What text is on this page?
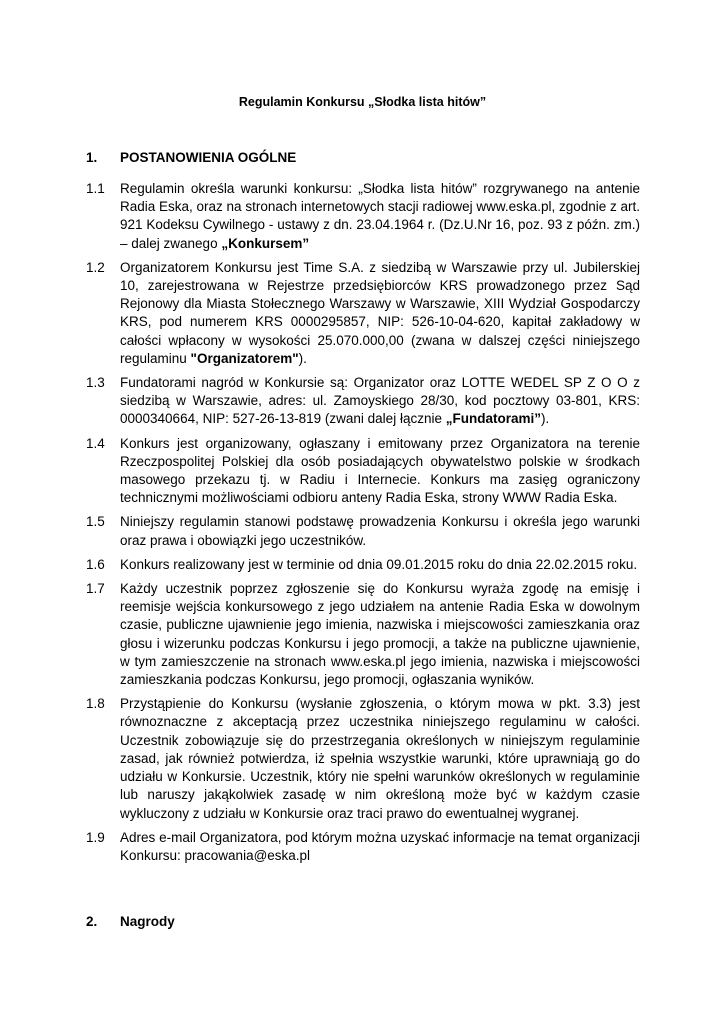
Regulamin Konkursu „Słodka lista hitów”
1. POSTANOWIENIA OGÓLNE
1.1	Regulamin określa warunki konkursu: „Słodka lista hitów” rozgrywanego na antenie Radia Eska, oraz na stronach internetowych stacji radiowej www.eska.pl, zgodnie z art. 921 Kodeksu Cywilnego - ustawy z dn. 23.04.1964 r. (Dz.U.Nr 16, poz. 93 z późn. zm.) – dalej zwanego „Konkursem”
1.2	Organizatorem Konkursu jest Time S.A. z siedzibą w Warszawie przy ul. Jubilerskiej 10, zarejestrowana w Rejestrze przedsiębiorców KRS prowadzonego przez Sąd Rejonowy dla Miasta Stołecznego Warszawy w Warszawie, XIII Wydział Gospodarczy KRS, pod numerem KRS 0000295857, NIP: 526-10-04-620, kapitał zakładowy w całości wpłacony w wysokości 25.070.000,00 (zwana w dalszej części niniejszego regulaminu "Organizatorem").
1.3	Fundatorami nagród w Konkursie są: Organizator oraz LOTTE WEDEL SP Z O O z siedzibą w Warszawie, adres: ul. Zamoyskiego 28/30, kod pocztowy 03-801, KRS: 0000340664, NIP: 527-26-13-819 (zwani dalej łącznie „Fundatorami”).
1.4	Konkurs jest organizowany, ogłaszany i emitowany przez Organizatora na terenie Rzeczpospolitej Polskiej dla osób posiadających obywatelstwo polskie w środkach masowego przekazu tj. w Radiu i Internecie. Konkurs ma zasięg ograniczony technicznymi możliwościami odbioru anteny Radia Eska, strony WWW Radia Eska.
1.5	Niniejszy regulamin stanowi podstawę prowadzenia Konkursu i określa jego warunki oraz prawa i obowiązki jego uczestników.
1.6	Konkurs realizowany jest w terminie od dnia 09.01.2015 roku do dnia 22.02.2015 roku.
1.7	Każdy uczestnik poprzez zgłoszenie się do Konkursu wyraża zgodę na emisję i reemisje wejścia konkursowego z jego udziałem na antenie Radia Eska w dowolnym czasie, publiczne ujawnienie jego imienia, nazwiska i miejscowości zamieszkania oraz głosu i wizerunku podczas Konkursu i jego promocji, a także na publiczne ujawnienie, w tym zamieszczenie na stronach www.eska.pl jego imienia, nazwiska i miejscowości zamieszkania podczas Konkursu, jego promocji, ogłaszania wyników.
1.8	Przystąpienie do Konkursu (wysłanie zgłoszenia, o którym mowa w pkt. 3.3) jest równoznaczne z akceptacją przez uczestnika niniejszego regulaminu w całości. Uczestnik zobowiązuje się do przestrzegania określonych w niniejszym regulaminie zasad, jak również potwierdza, iż spełnia wszystkie warunki, które uprawniają go do udziału w Konkursie. Uczestnik, który nie spełni warunków określonych w regulaminie lub naruszy jakąkolwiek zasadę w nim określoną może być w każdym czasie wykluczony z udziału w Konkursie oraz traci prawo do ewentualnej wygranej.
1.9	Adres e-mail Organizatora, pod którym można uzyskać informacje na temat organizacji Konkursu: pracowania@eska.pl
2. Nagrody
